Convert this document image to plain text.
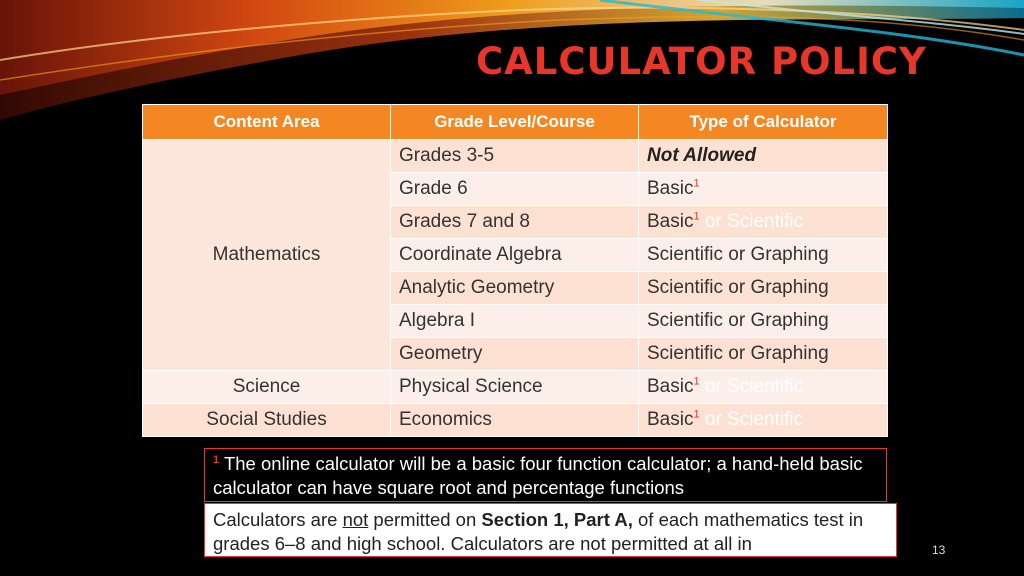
CALCULATOR POLICY
Content Area	Grade Level/Course	Type of Calculator
Mathematics	Grades 3-5	Not Allowed
	Grade 6	Basic$^1$
	Grades 7 and 8	Basic$^1$ or Scientific
	Coordinate Algebra	Scientific or Graphing
	Analytic Geometry	Scientific or Graphing
	Algebra I	Scientific or Graphing
	Geometry	Scientific or Graphing
Science	Physical Science	Basic$^1$ or Scientific
Social Studies	Economics	Basic$^1$ or Scientific
$^1$ The online calculator will be a basic four function calculator; a hand-held basic calculator can have square root and percentage functions
Calculators are not permitted on Section 1, Part A, of each mathematics test in grades 6–8 and high school. Calculators are not permitted at all in	13
